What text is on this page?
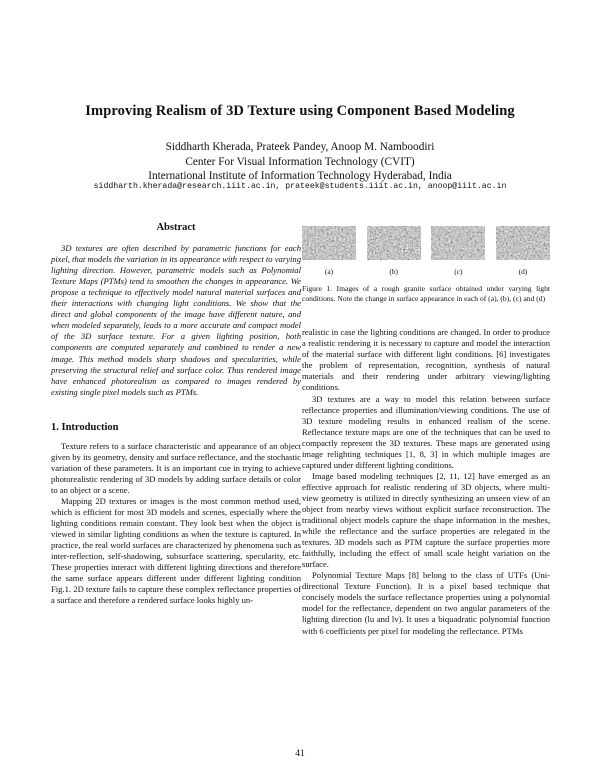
Improving Realism of 3D Texture using Component Based Modeling
Siddharth Kherada, Prateek Pandey, Anoop M. Namboodiri
Center For Visual Information Technology (CVIT)
International Institute of Information Technology Hyderabad, India
siddharth.kherada@research.iiit.ac.in, prateek@students.iiit.ac.in, anoop@iiit.ac.in
Abstract

3D textures are often described by parametric functions for each pixel, that models the variation in its appearance with respect to varying lighting direction. However, parametric models such as Polynomial Texture Maps (PTMs) tend to smoothen the changes in appearance. We propose a technique to effectively model natural material surfaces and their interactions with changing light conditions. We show that the direct and global components of the image have different nature, and when modeled separately, leads to a more accurate and compact model of the 3D surface texture. For a given lighting position, both components are computed separately and combined to render a new image. This method models sharp shadows and specularities, while preserving the structural relief and surface color. Thus rendered image have enhanced photorealism as compared to images rendered by existing single pixel models such as PTMs.

1. Introduction

Texture refers to a surface characteristic and appearance of an object given by its geometry, density and surface reflectance, and the stochastic variation of these parameters. It is an important cue in trying to achieve photorealistic rendering of 3D models by adding surface details or color to an object or a scene.

Mapping 2D textures or images is the most common method used, which is efficient for most 3D models and scenes, especially where the lighting conditions remain constant. They look best when the object is viewed in similar lighting conditions as when the texture is captured. In practice, the real world surfaces are characterized by phenomena such as inter-reflection, self-shadowing, subsurface scattering, specularity, etc. These properties interact with different lighting directions and therefore the same surface appears different under different lighting condition Fig.1. 2D texture fails to capture these complex reflectance properties of a surface and therefore a rendered surface looks highly un-

(a)	(b)	(c)	(d)
Figure 1. Images of a rough granite surface obtained under varying light conditions. Note the change in surface appearance in each of (a), (b), (c) and (d)

realistic in case the lighting conditions are changed. In order to produce a realistic rendering it is necessary to capture and model the interaction of the material surface with different light conditions. [6] investigates the problem of representation, recognition, synthesis of natural materials and their rendering under arbitrary viewing/lighting conditions.

3D textures are a way to model this relation between surface reflectance properties and illumination/viewing conditions. The use of 3D texture modeling results in enhanced realism of the scene. Reflectance texture maps are one of the techniques that can be used to compactly represent the 3D textures. These maps are generated using image relighting techniques [1, 8, 3] in which multiple images are captured under different lighting conditions.

Image based modeling techniques [2, 11, 12] have emerged as an effective approach for realistic rendering of 3D objects, where multi-view geometry is utilized in directly synthesizing an unseen view of an object from nearby views without explicit surface reconstruction. The traditional object models capture the shape information in the meshes, while the reflectance and the surface properties are relegated in the textures. 3D models such as PTM capture the surface properties more faithfully, including the effect of small scale height variation on the surface.

Polynomial Texture Maps [8] belong to the class of UTFs (Uni-directional Texture Function). It is a pixel based technique that concisely models the surface reflectance properties using a polynomial model for the reflectance, dependent on two angular parameters of the lighting direction (lu and lv). It uses a biquadratic polynomial function with 6 coefficients per pixel for modeling the reflectance. PTMs

41
